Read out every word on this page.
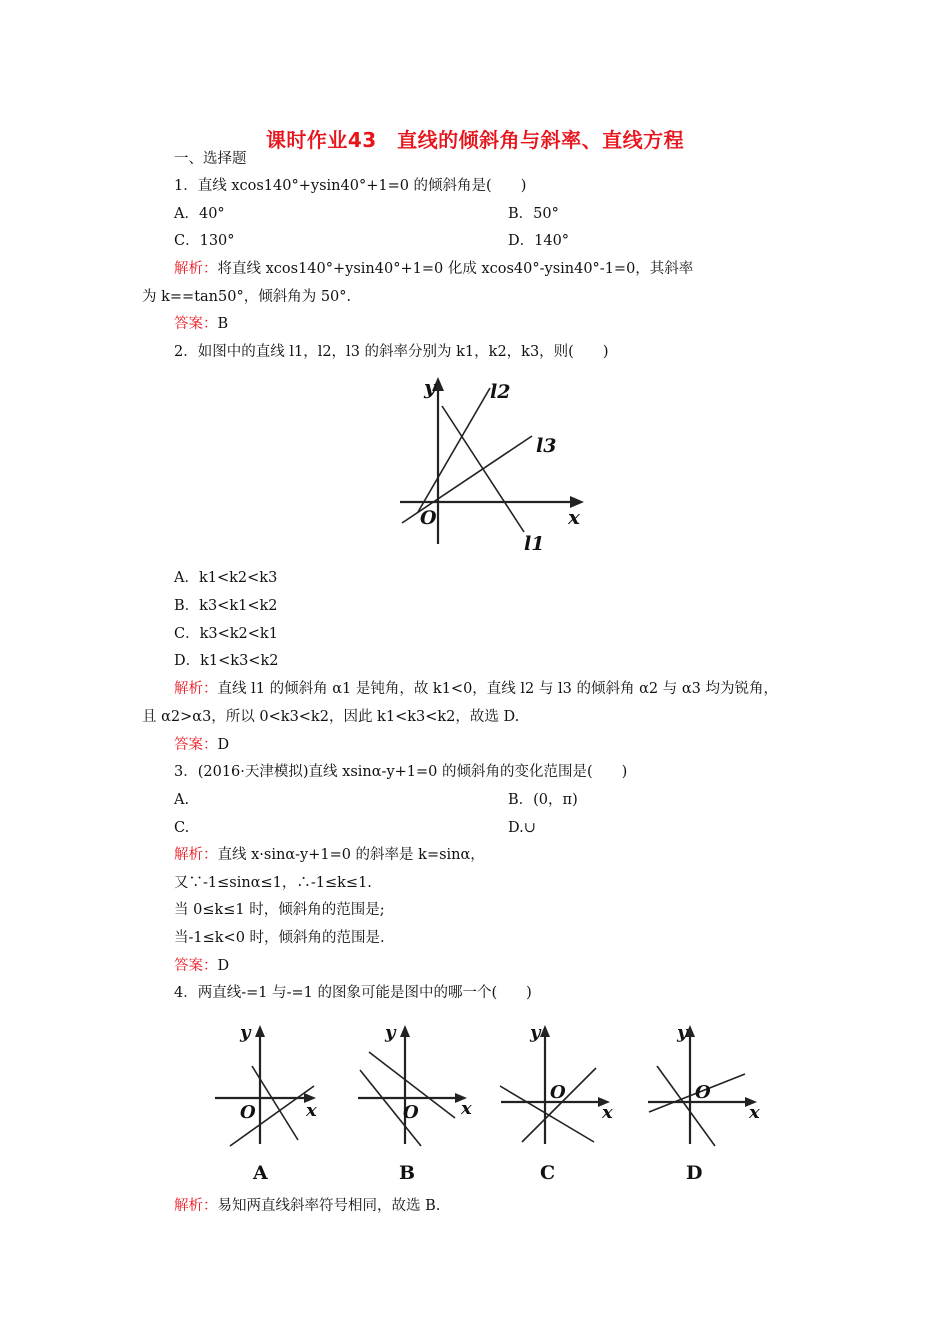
课时作业43　直线的倾斜角与斜率、直线方程
一、选择题
1．直线 xcos140°+ysin40°+1=0 的倾斜角是(　　)
A．40°	B．50°
C．130°	D．140°
解析：将直线 xcos140°+ysin40°+1=0 化成 xcos40°-ysin40°-1=0，其斜率
为 k==tan50°，倾斜角为 50°.
答案：B
2．如图中的直线 l1，l2，l3 的斜率分别为 k1，k2，k3，则(　　)
y
x
O
l1
l2
l3
A．k1<k2<k3
B．k3<k1<k2
C．k3<k2<k1
D．k1<k3<k2
解析：直线 l1 的倾斜角 α1 是钝角，故 k1<0，直线 l2 与 l3 的倾斜角 α2 与 α3 均为锐角，
且 α2>α3，所以 0<k3<k2，因此 k1<k3<k2，故选 D.
答案：D
3．(2016·天津模拟)直线 xsinα-y+1=0 的倾斜角的变化范围是(　　)
A.	B．(0，π)
C.	D.∪
解析：直线 x·sinα-y+1=0 的斜率是 k=sinα，
又∵-1≤sinα≤1，∴-1≤k≤1.
当 0≤k≤1 时，倾斜角的范围是;
当-1≤k<0 时，倾斜角的范围是.
答案：D
4．两直线-=1 与-=1 的图象可能是图中的哪一个(　　)
y
x
O
A
y
x
O
B
y
x
O
C
y
x
O
D
解析：易知两直线斜率符号相同，故选 B.
